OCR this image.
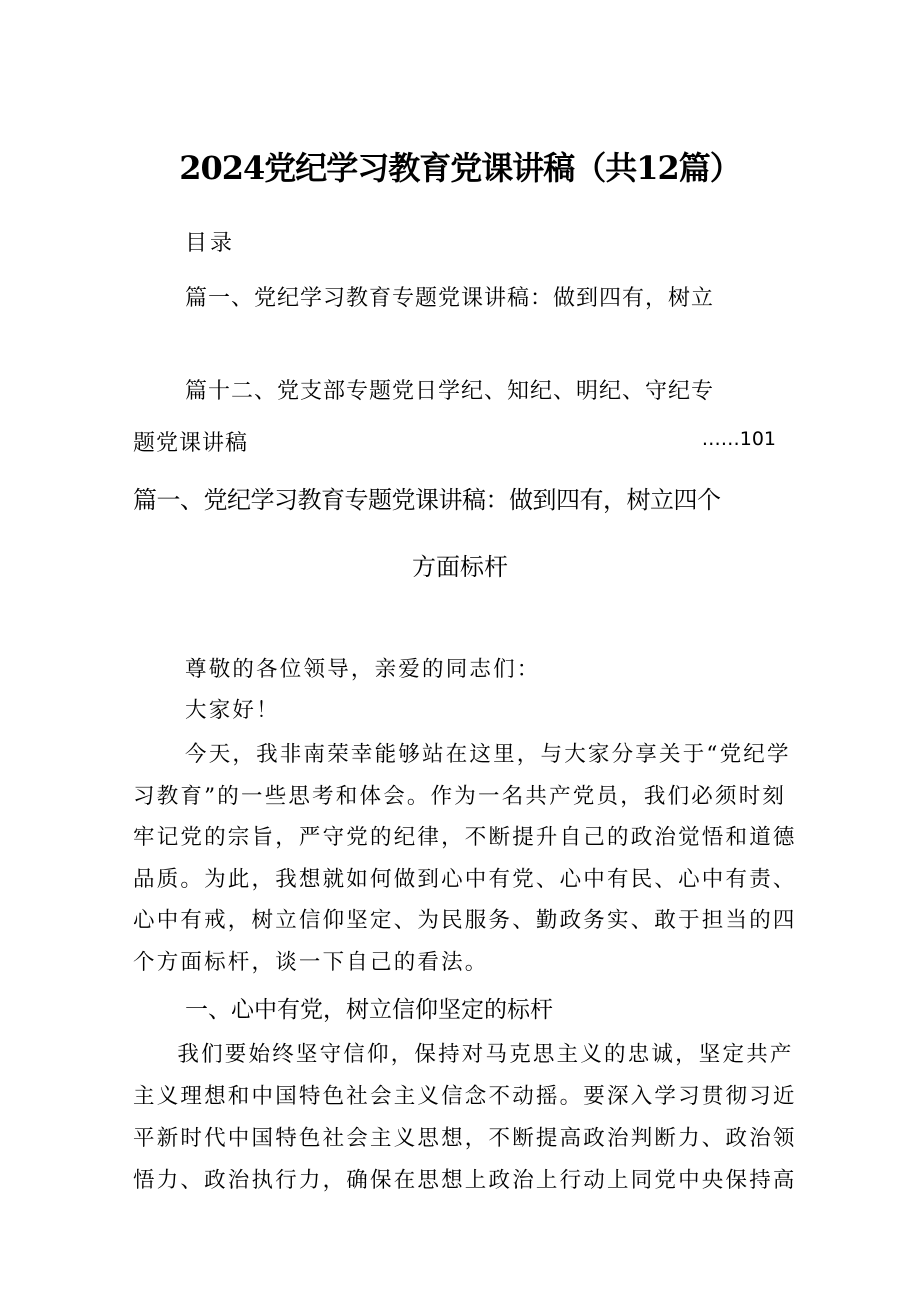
2024党纪学习教育党课讲稿（共12篇）
目录
篇一、党纪学习教育专题党课讲稿：做到四有，树立
篇十二、党支部专题党日学纪、知纪、明纪、守纪专
题党课讲稿	……101
篇一、党纪学习教育专题党课讲稿：做到四有，树立四个
方面标杆
尊敬的各位领导，亲爱的同志们：
大家好！
今天，我非南荣幸能够站在这里，与大家分享关于“党纪学
习教育”的一些思考和体会。作为一名共产党员，我们必须时刻
牢记党的宗旨，严守党的纪律，不断提升自己的政治觉悟和道德
品质。为此，我想就如何做到心中有党、心中有民、心中有责、
心中有戒，树立信仰坚定、为民服务、勤政务实、敢于担当的四
个方面标杆，谈一下自己的看法。
一、心中有党，树立信仰坚定的标杆
　　我们要始终坚守信仰，保持对马克思主义的忠诚，坚定共产
主义理想和中国特色社会主义信念不动摇。要深入学习贯彻习近
平新时代中国特色社会主义思想，不断提高政治判断力、政治领
悟力、政治执行力，确保在思想上政治上行动上同党中央保持高
